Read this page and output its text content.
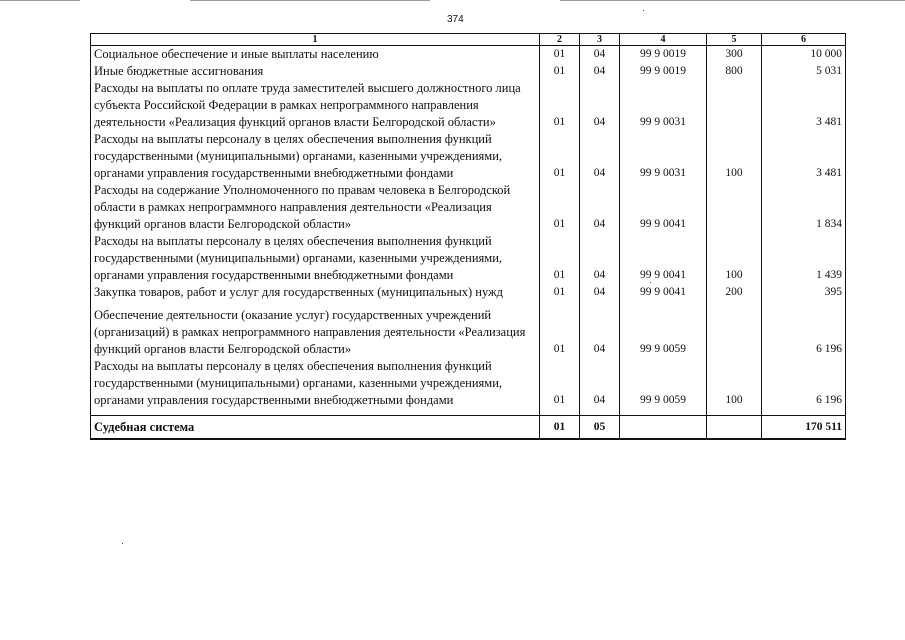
374
1	2	3	4	5	6
Социальное обеспечение и иные выплаты населению	01	04	99 9 0019	300	10 000
Иные бюджетные ассигнования	01	04	99 9 0019	800	5 031
Расходы на выплаты по оплате труда заместителей высшего должностного лица субъекта Российской Федерации в рамках непрограммного направления деятельности «Реализация функций органов власти Белгородской области»	01	04	99 9 0031		3 481
Расходы на выплаты персоналу в целях обеспечения выполнения функций государственными (муниципальными) органами, казенными учреждениями, органами управления государственными внебюджетными фондами	01	04	99 9 0031	100	3 481
Расходы на содержание Уполномоченного по правам человека в Белгородской области в рамках непрограммного направления деятельности «Реализация функций органов власти Белгородской области»	01	04	99 9 0041		1 834
Расходы на выплаты персоналу в целях обеспечения выполнения функций государственными (муниципальными) органами, казенными учреждениями, органами управления государственными внебюджетными фондами	01	04	99 9 0041	100	1 439
Закупка товаров, работ и услуг для государственных (муниципальных) нужд	01	04	99 9 0041	200	395

Обеспечение деятельности (оказание услуг) государственных учреждений (организаций) в рамках непрограммного направления деятельности «Реализация функций органов власти Белгородской области»	01	04	99 9 0059		6 196
Расходы на выплаты персоналу в целях обеспечения выполнения функций государственными (муниципальными) органами, казенными учреждениями, органами управления государственными внебюджетными фондами	01	04	99 9 0059	100	6 196

Судебная система	01	05			170 511
